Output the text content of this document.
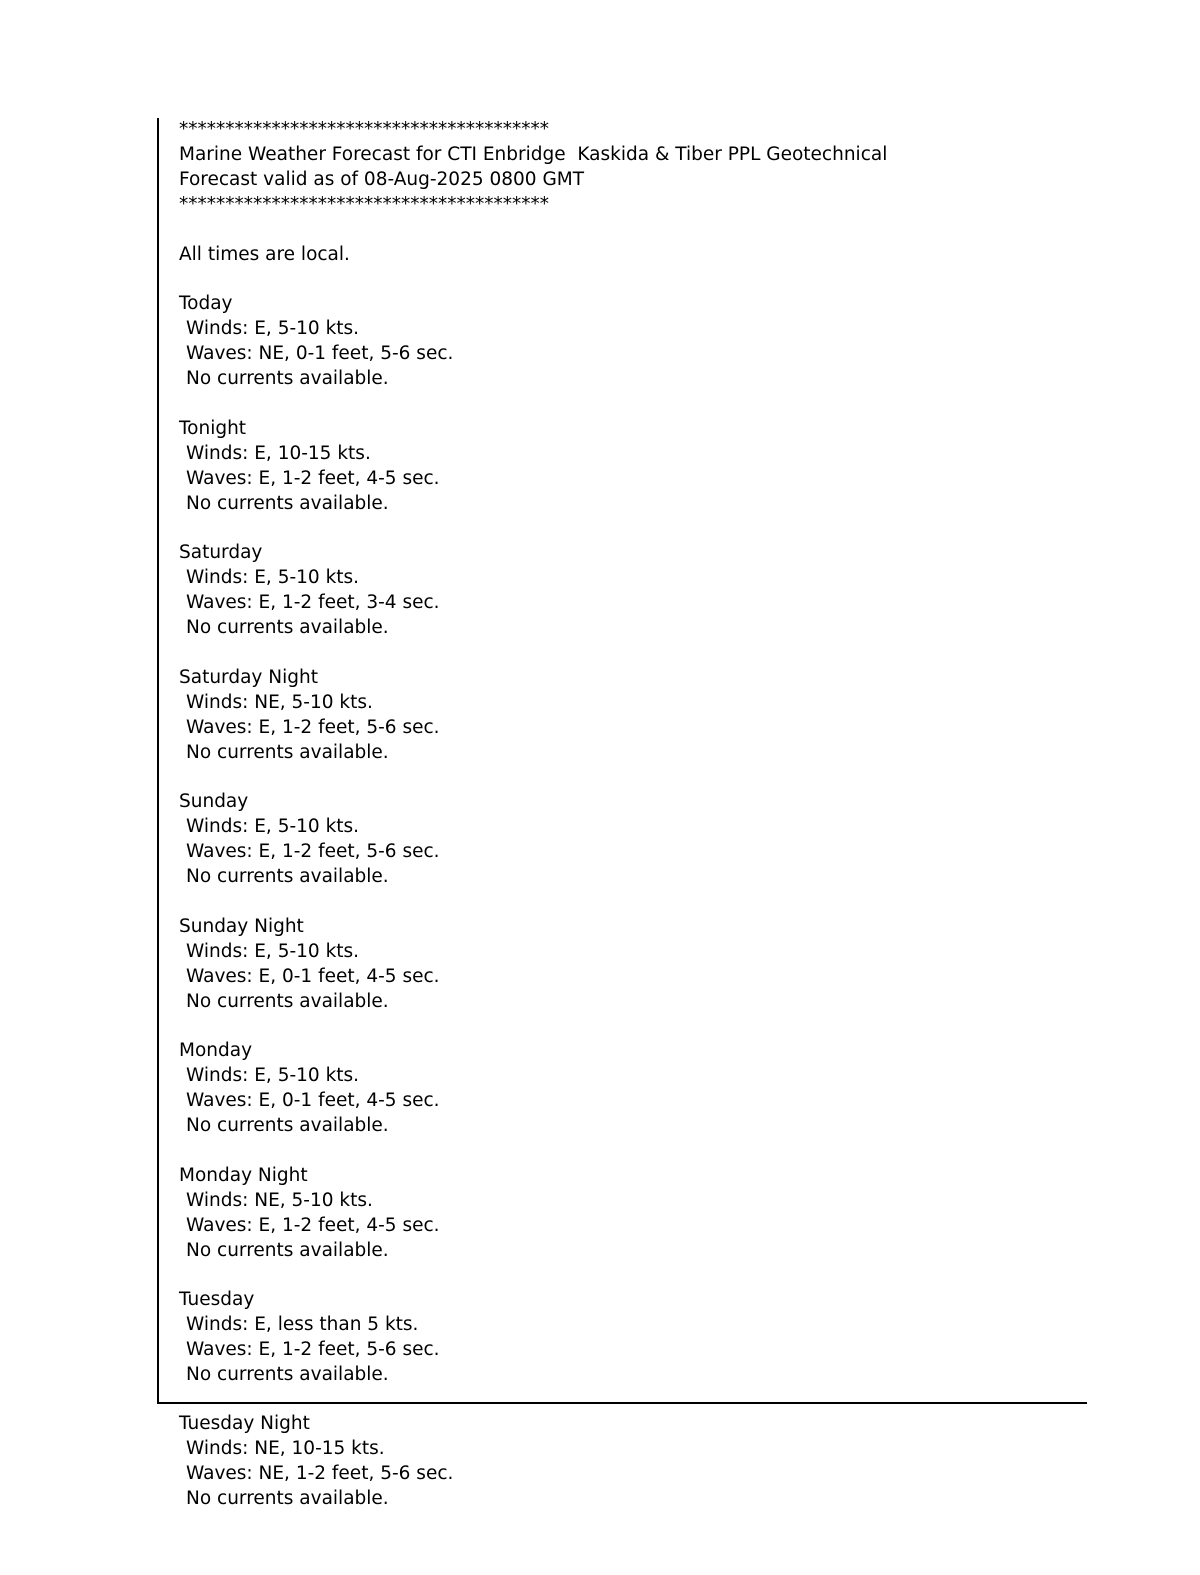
****************************************
Marine Weather Forecast for CTI Enbridge  Kaskida & Tiber PPL Geotechnical
Forecast valid as of 08-Aug-2025 0800 GMT
****************************************
All times are local.
Today
Winds: E, 5-10 kts.
Waves: NE, 0-1 feet, 5-6 sec.
No currents available.
Tonight
Winds: E, 10-15 kts.
Waves: E, 1-2 feet, 4-5 sec.
No currents available.
Saturday
Winds: E, 5-10 kts.
Waves: E, 1-2 feet, 3-4 sec.
No currents available.
Saturday Night
Winds: NE, 5-10 kts.
Waves: E, 1-2 feet, 5-6 sec.
No currents available.
Sunday
Winds: E, 5-10 kts.
Waves: E, 1-2 feet, 5-6 sec.
No currents available.
Sunday Night
Winds: E, 5-10 kts.
Waves: E, 0-1 feet, 4-5 sec.
No currents available.
Monday
Winds: E, 5-10 kts.
Waves: E, 0-1 feet, 4-5 sec.
No currents available.
Monday Night
Winds: NE, 5-10 kts.
Waves: E, 1-2 feet, 4-5 sec.
No currents available.
Tuesday
Winds: E, less than 5 kts.
Waves: E, 1-2 feet, 5-6 sec.
No currents available.
Tuesday Night
Winds: NE, 10-15 kts.
Waves: NE, 1-2 feet, 5-6 sec.
No currents available.
